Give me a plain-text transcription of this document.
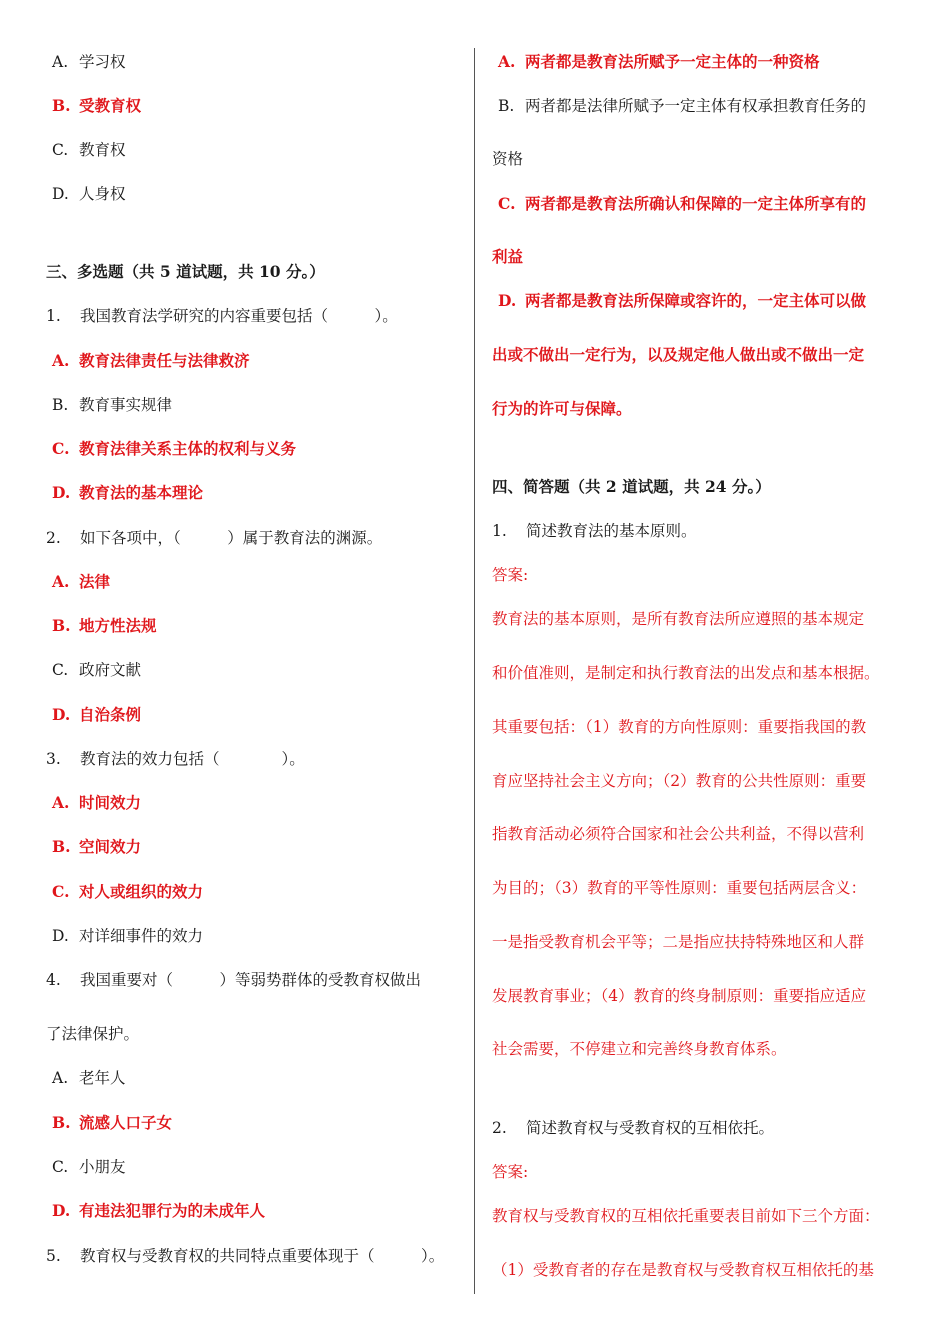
A. 学习权
B. 受教育权
C. 教育权
D. 人身权
三、多选题（共 5 道试题，共 10 分。）
1. 我国教育法学研究的内容重要包括（　　　）。
A. 教育法律责任与法律救济
B. 教育事实规律
C. 教育法律关系主体的权利与义务
D. 教育法的基本理论
2. 如下各项中，（　　　）属于教育法的渊源。
A. 法律
B. 地方性法规
C. 政府文献
D. 自治条例
3. 教育法的效力包括（　　　　）。
A. 时间效力
B. 空间效力
C. 对人或组织的效力
D. 对详细事件的效力
4. 我国重要对（　　　）等弱势群体的受教育权做出
了法律保护。
A. 老年人
B. 流感人口子女
C. 小朋友
D. 有违法犯罪行为的未成年人
5. 教育权与受教育权的共同特点重要体现于（　　　）。
A. 两者都是教育法所赋予一定主体的一种资格
B. 两者都是法律所赋予一定主体有权承担教育任务的
资格
C. 两者都是教育法所确认和保障的一定主体所享有的
利益
D. 两者都是教育法所保障或容许的，一定主体可以做
出或不做出一定行为，以及规定他人做出或不做出一定
行为的许可与保障。
四、简答题（共 2 道试题，共 24 分。）
1. 简述教育法的基本原则。
答案:
教育法的基本原则，是所有教育法所应遵照的基本规定
和价值准则，是制定和执行教育法的出发点和基本根据。
其重要包括：（1）教育的方向性原则：重要指我国的教
育应坚持社会主义方向；（2）教育的公共性原则：重要
指教育活动必须符合国家和社会公共利益，不得以营利
为目的；（3）教育的平等性原则：重要包括两层含义：
一是指受教育机会平等；二是指应扶持特殊地区和人群
发展教育事业；（4）教育的终身制原则：重要指应适应
社会需要，不停建立和完善终身教育体系。
2. 简述教育权与受教育权的互相依托。
答案:
教育权与受教育权的互相依托重要表目前如下三个方面：
（1）受教育者的存在是教育权与受教育权互相依托的基
